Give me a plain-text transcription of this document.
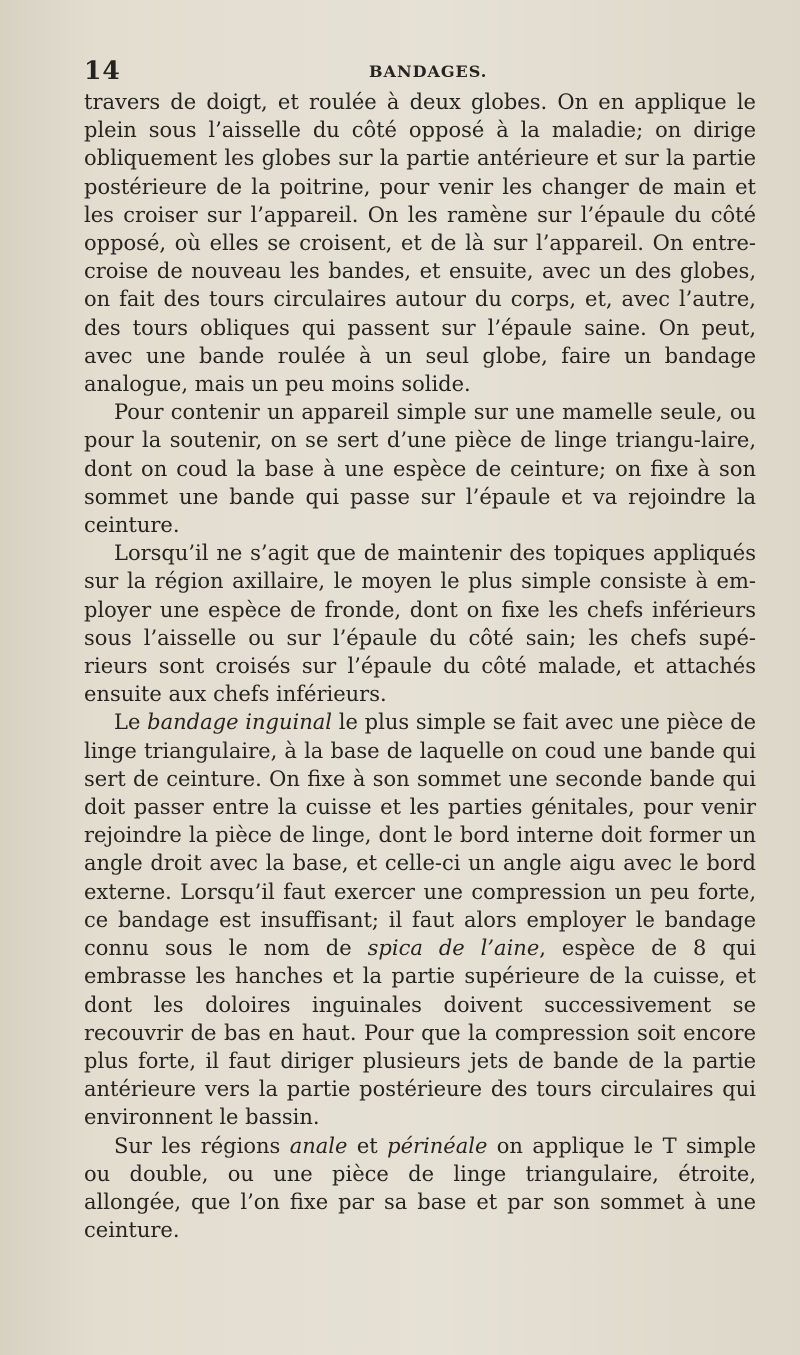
14	BANDAGES.

travers de doigt, et roulée à deux globes. On en applique le plein sous l’aisselle du côté opposé à la maladie; on dirige obliquement les globes sur la partie antérieure et sur la partie postérieure de la poitrine, pour venir les changer de main et les croiser sur l’appareil. On les ramène sur l’épaule du côté opposé, où elles se croisent, et de là sur l’appareil. On entre-croise de nouveau les bandes, et ensuite, avec un des globes, on fait des tours circulaires autour du corps, et, avec l’autre, des tours obliques qui passent sur l’épaule saine. On peut, avec une bande roulée à un seul globe, faire un bandage analogue, mais un peu moins solide.

Pour contenir un appareil simple sur une mamelle seule, ou pour la soutenir, on se sert d’une pièce de linge triangu-laire, dont on coud la base à une espèce de ceinture; on fixe à son sommet une bande qui passe sur l’épaule et va rejoindre la ceinture.

Lorsqu’il ne s’agit que de maintenir des topiques appliqués sur la région axillaire, le moyen le plus simple consiste à em-ployer une espèce de fronde, dont on fixe les chefs inférieurs sous l’aisselle ou sur l’épaule du côté sain; les chefs supé-rieurs sont croisés sur l’épaule du côté malade, et attachés ensuite aux chefs inférieurs.

Le bandage inguinal le plus simple se fait avec une pièce de linge triangulaire, à la base de laquelle on coud une bande qui sert de ceinture. On fixe à son sommet une seconde bande qui doit passer entre la cuisse et les parties génitales, pour venir rejoindre la pièce de linge, dont le bord interne doit former un angle droit avec la base, et celle-ci un angle aigu avec le bord externe. Lorsqu’il faut exercer une compression un peu forte, ce bandage est insuffisant; il faut alors employer le bandage connu sous le nom de spica de l’aine, espèce de 8 qui embrasse les hanches et la partie supérieure de la cuisse, et dont les doloires inguinales doivent successivement se recouvrir de bas en haut. Pour que la compression soit encore plus forte, il faut diriger plusieurs jets de bande de la partie antérieure vers la partie postérieure des tours circulaires qui environnent le bassin.

Sur les régions anale et périnéale on applique le T simple ou double, ou une pièce de linge triangulaire, étroite, allongée, que l’on fixe par sa base et par son sommet à une ceinture.
